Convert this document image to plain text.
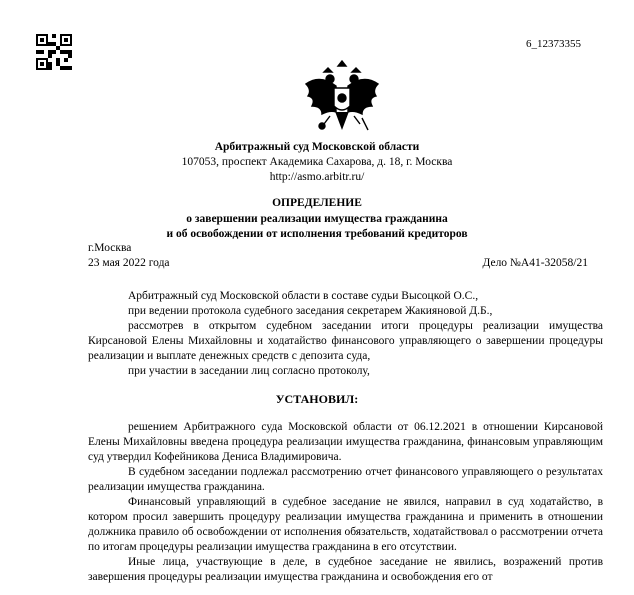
6_12373355
Арбитражный суд Московской области
107053, проспект Академика Сахарова, д. 18, г. Москва
http://asmo.arbitr.ru/
ОПРЕДЕЛЕНИЕ
о завершении реализации имущества гражданина
и об освобождении от исполнения требований кредиторов
г.Москва
23 мая 2022 года	Дело №А41-32058/21

Арбитражный суд Московской области в составе судьи Высоцкой О.С.,

при ведении протокола судебного заседания секретарем Жакияновой Д.Б.,

рассмотрев в открытом судебном заседании итоги процедуры реализации имущества Кирсановой Елены Михайловны и ходатайство финансового управляющего о завершении процедуры реализации и выплате денежных средств с депозита суда,

при участии в заседании лиц согласно протоколу,

УСТАНОВИЛ:

решением Арбитражного суда Московской области от 06.12.2021 в отношении Кирсановой Елены Михайловны введена процедура реализации имущества гражданина, финансовым управляющим суд утвердил Кофейникова Дениса Владимировича.

В судебном заседании подлежал рассмотрению отчет финансового управляющего о результатах реализации имущества гражданина.

Финансовый управляющий в судебное заседание не явился, направил в суд ходатайство, в котором просил завершить процедуру реализации имущества гражданина и применить в отношении должника правило об освобождении от исполнения обязательств, ходатайствовал о рассмотрении отчета по итогам процедуры реализации имущества гражданина в его отсутствии.

Иные лица, участвующие в деле, в судебное заседание не явились, возражений против завершения процедуры реализации имущества гражданина и освобождения его от
